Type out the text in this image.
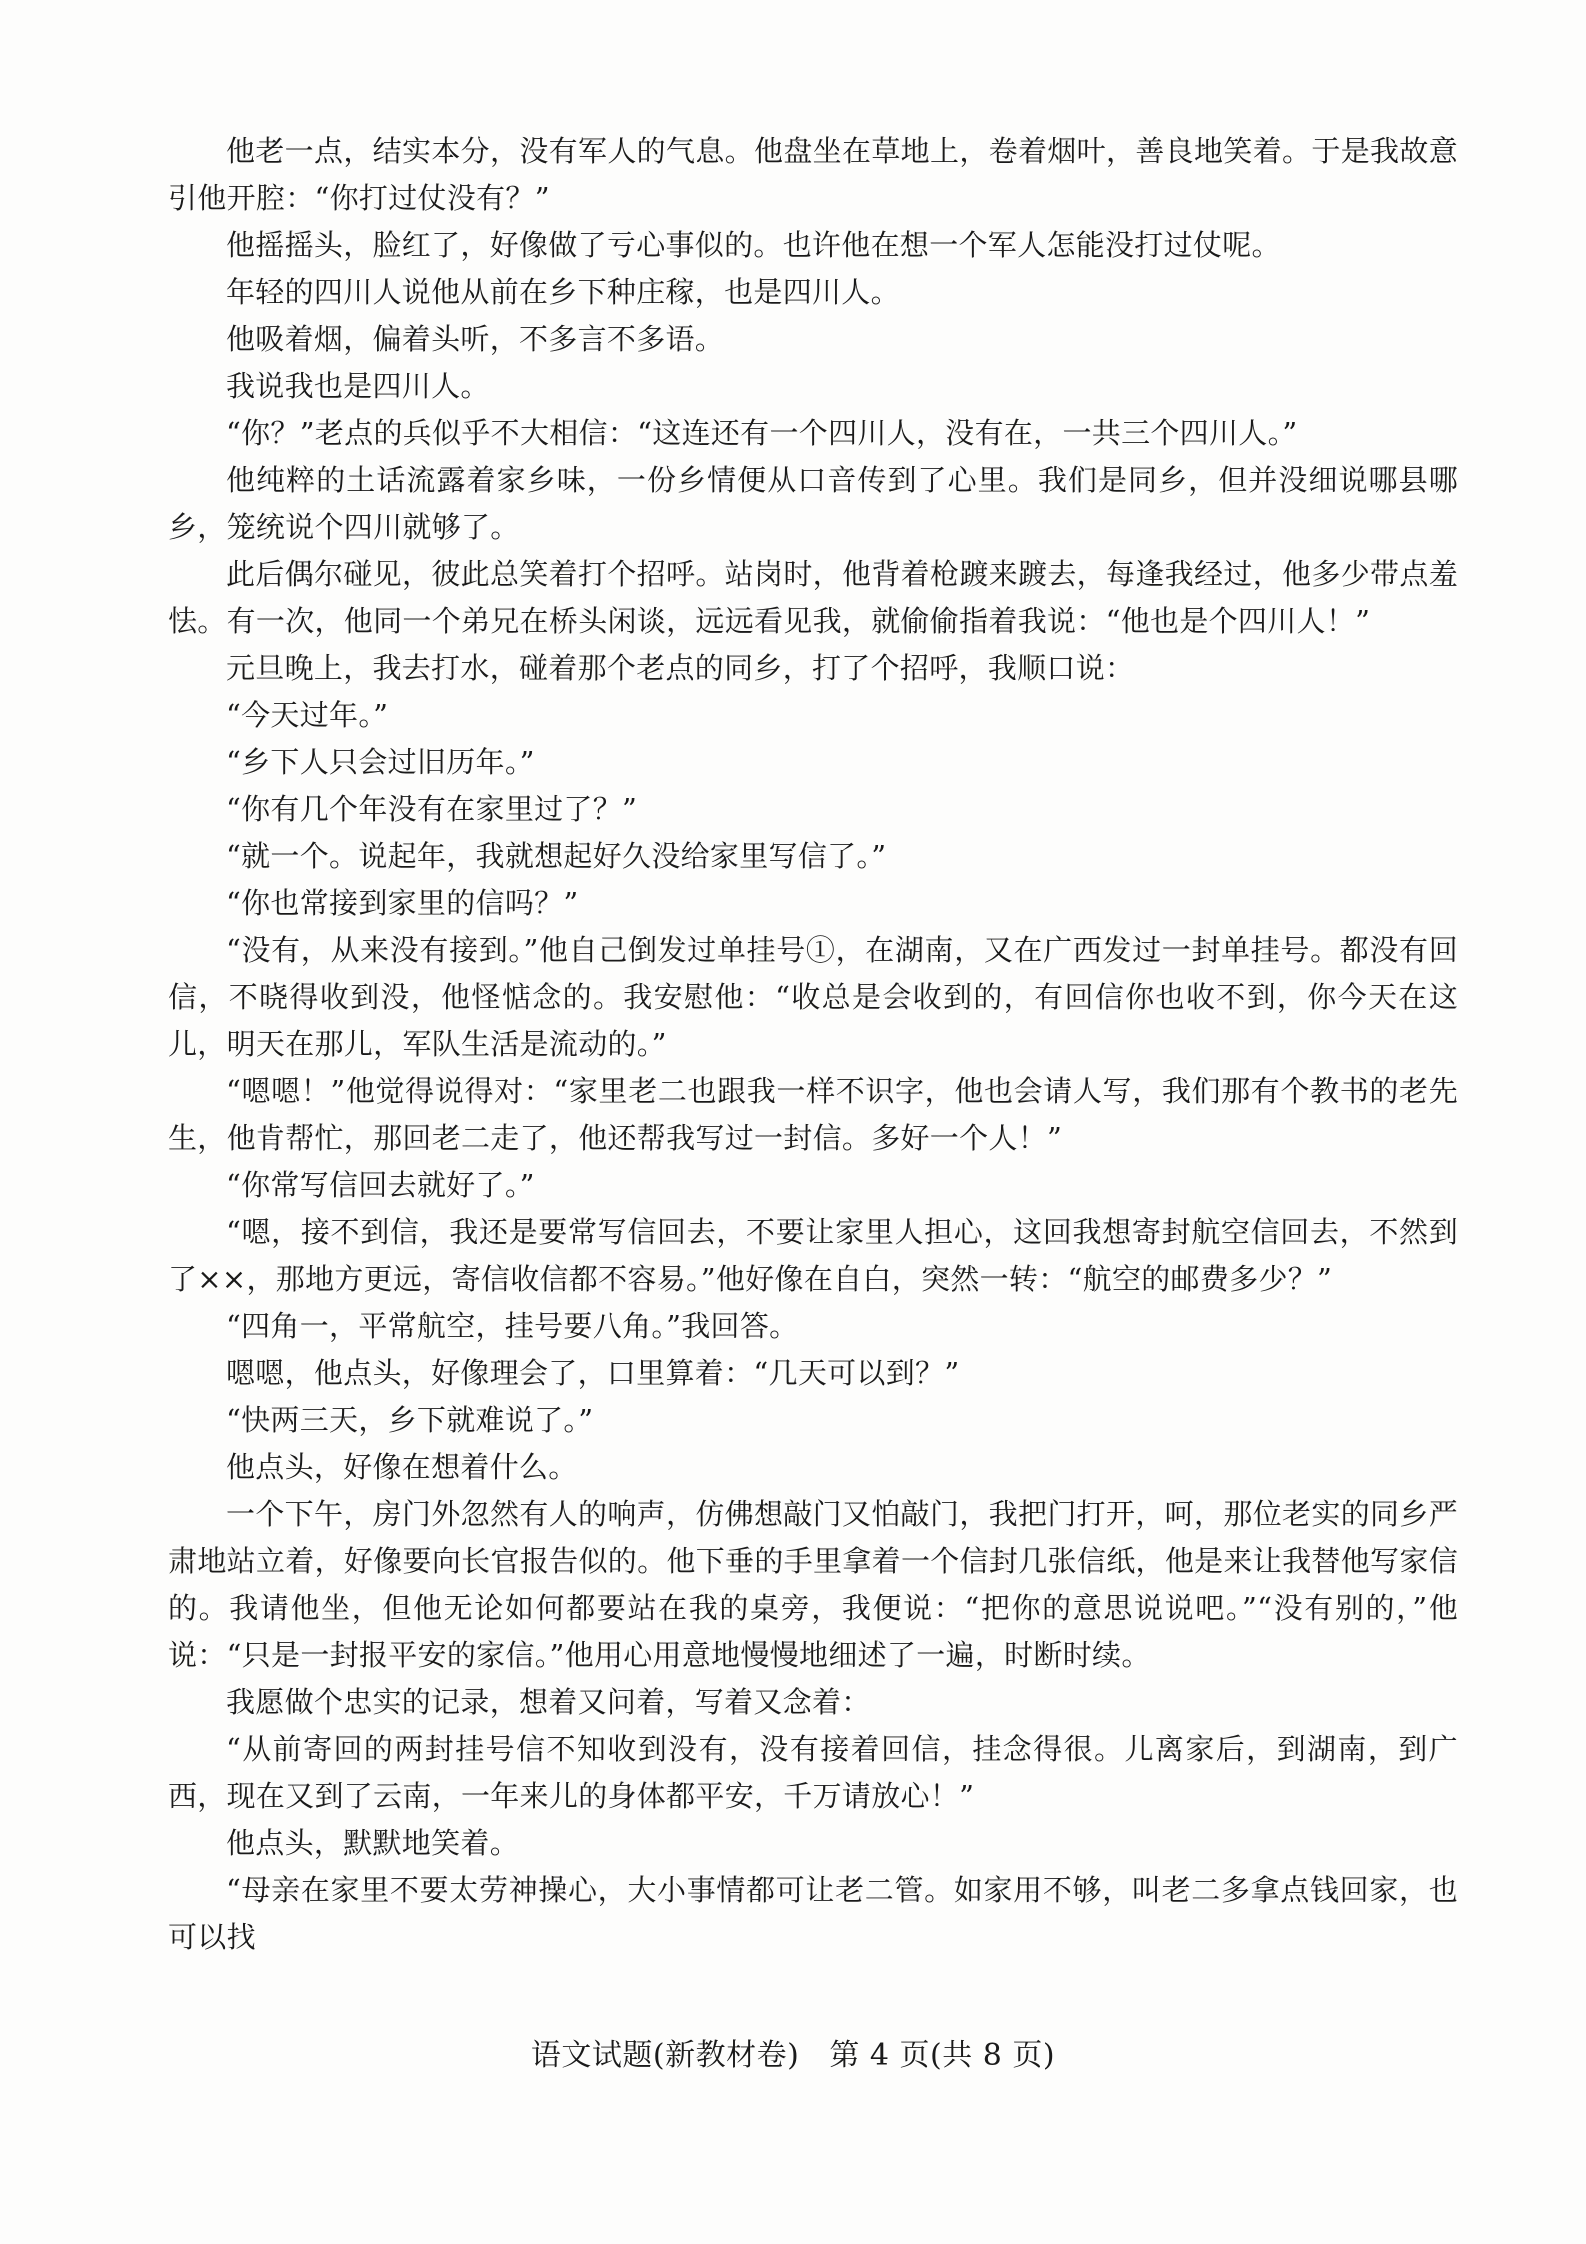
他老一点，结实本分，没有军人的气息。他盘坐在草地上，卷着烟叶，善良地笑着。于是我故意引他开腔：“你打过仗没有？”

他摇摇头，脸红了，好像做了亏心事似的。也许他在想一个军人怎能没打过仗呢。

年轻的四川人说他从前在乡下种庄稼，也是四川人。

他吸着烟，偏着头听，不多言不多语。

我说我也是四川人。

“你？”老点的兵似乎不大相信：“这连还有一个四川人，没有在，一共三个四川人。”

他纯粹的土话流露着家乡味，一份乡情便从口音传到了心里。我们是同乡，但并没细说哪县哪乡，笼统说个四川就够了。

此后偶尔碰见，彼此总笑着打个招呼。站岗时，他背着枪踱来踱去，每逢我经过，他多少带点羞怯。有一次，他同一个弟兄在桥头闲谈，远远看见我，就偷偷指着我说：“他也是个四川人！”

元旦晚上，我去打水，碰着那个老点的同乡，打了个招呼，我顺口说：

“今天过年。”

“乡下人只会过旧历年。”

“你有几个年没有在家里过了？”

“就一个。说起年，我就想起好久没给家里写信了。”

“你也常接到家里的信吗？”

“没有，从来没有接到。”他自己倒发过单挂号①，在湖南，又在广西发过一封单挂号。都没有回信，不晓得收到没，他怪惦念的。我安慰他：“收总是会收到的，有回信你也收不到，你今天在这儿，明天在那儿，军队生活是流动的。”

“嗯嗯！”他觉得说得对：“家里老二也跟我一样不识字，他也会请人写，我们那有个教书的老先生，他肯帮忙，那回老二走了，他还帮我写过一封信。多好一个人！”

“你常写信回去就好了。”

“嗯，接不到信，我还是要常写信回去，不要让家里人担心，这回我想寄封航空信回去，不然到了××，那地方更远，寄信收信都不容易。”他好像在自白，突然一转：“航空的邮费多少？”

“四角一，平常航空，挂号要八角。”我回答。

嗯嗯，他点头，好像理会了，口里算着：“几天可以到？”

“快两三天，乡下就难说了。”

他点头，好像在想着什么。

一个下午，房门外忽然有人的响声，仿佛想敲门又怕敲门，我把门打开，呵，那位老实的同乡严肃地站立着，好像要向长官报告似的。他下垂的手里拿着一个信封几张信纸，他是来让我替他写家信的。我请他坐，但他无论如何都要站在我的桌旁，我便说：“把你的意思说说吧。”“没有别的，”他说：“只是一封报平安的家信。”他用心用意地慢慢地细述了一遍，时断时续。

我愿做个忠实的记录，想着又问着，写着又念着：

“从前寄回的两封挂号信不知收到没有，没有接着回信，挂念得很。儿离家后，到湖南，到广西，现在又到了云南，一年来儿的身体都平安，千万请放心！”

他点头，默默地笑着。

“母亲在家里不要太劳神操心，大小事情都可让老二管。如家用不够，叫老二多拿点钱回家，也可以找

语文试题(新教材卷) 第 4 页(共 8 页)
